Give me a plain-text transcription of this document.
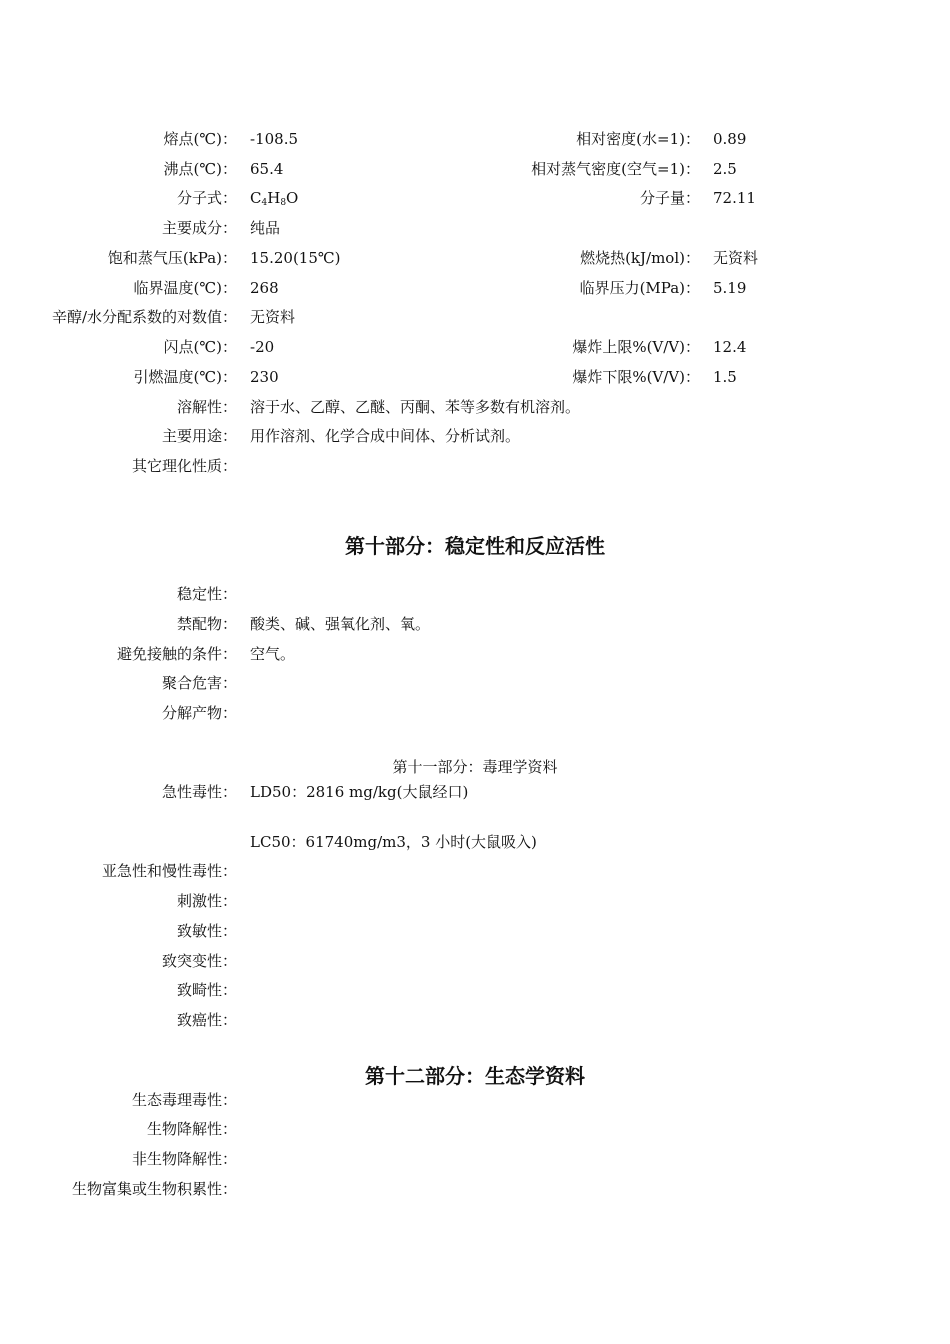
熔点(℃)： -108.5
沸点(℃)： 65.4
分子式： $C_4H_8O$
主要成分： 纯品
饱和蒸气压(kPa)： 15.20(15℃)
临界温度(℃)： 268
辛醇/水分配系数的对数值： 无资料
闪点(℃)： -20
引燃温度(℃)： 230
溶解性： 溶于水、乙醇、乙醚、丙酮、苯等多数有机溶剂。
主要用途： 用作溶剂、化学合成中间体、分析试剂。
其它理化性质：
相对密度(水=1)： 0.89
相对蒸气密度(空气=1)： 2.5
分子量： 72.11
燃烧热(kJ/mol)： 无资料
临界压力(MPa)： 5.19
爆炸上限%(V/V)： 12.4
爆炸下限%(V/V)： 1.5
第十部分：稳定性和反应活性
稳定性：
禁配物： 酸类、碱、强氧化剂、氧。
避免接触的条件： 空气。
聚合危害：
分解产物：
第十一部分：毒理学资料
急性毒性： LD50：2816 mg/kg(大鼠经口)
LC50：61740mg/m3，3 小时(大鼠吸入)
亚急性和慢性毒性：
刺激性：
致敏性：
致突变性：
致畸性：
致癌性：
第十二部分：生态学资料
生态毒理毒性：
生物降解性：
非生物降解性：
生物富集或生物积累性：
